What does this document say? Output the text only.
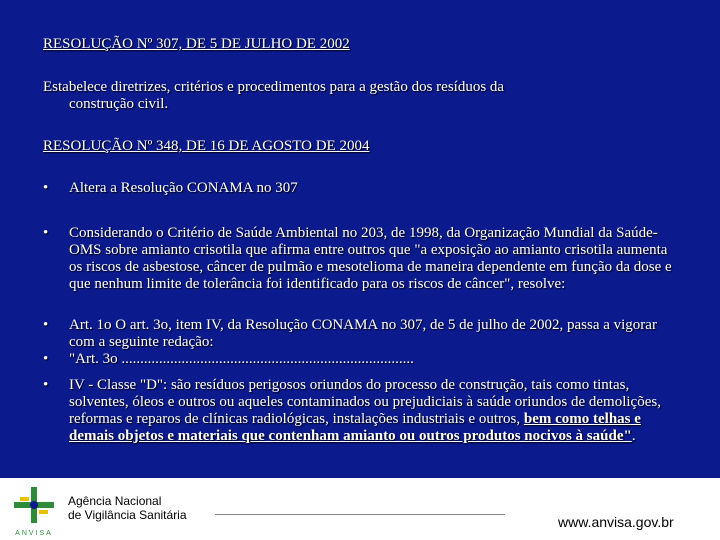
RESOLUÇÃO Nº 307, DE 5 DE JULHO DE 2002
Estabelece diretrizes, critérios e procedimentos para a gestão dos resíduos da
construção civil.
RESOLUÇÃO Nº 348, DE 16 DE AGOSTO DE 2004
• Altera a Resolução CONAMA no 307
• Considerando o Critério de Saúde Ambiental no 203, de 1998, da Organização Mundial da Saúde-OMS sobre amianto crisotila que afirma entre outros que "a exposição ao amianto crisotila aumenta os riscos de asbestose, câncer de pulmão e mesotelioma de maneira dependente em função da dose e que nenhum limite de tolerância foi identificado para os riscos de câncer", resolve:
• Art. 1o O art. 3o, item IV, da Resolução CONAMA no 307, de 5 de julho de 2002, passa a vigorar com a seguinte redação:
• "Art. 3o ..............................................................................
• IV - Classe "D": são resíduos perigosos oriundos do processo de construção, tais como tintas, solventes, óleos e outros ou aqueles contaminados ou prejudiciais à saúde oriundos de demolições, reformas e reparos de clínicas radiológicas, instalações industriais e outros, bem como telhas e demais objetos e materiais que contenham amianto ou outros produtos nocivos à saúde".
ANVISA
Agência Nacional
de Vigilância Sanitária	www.anvisa.gov.br
